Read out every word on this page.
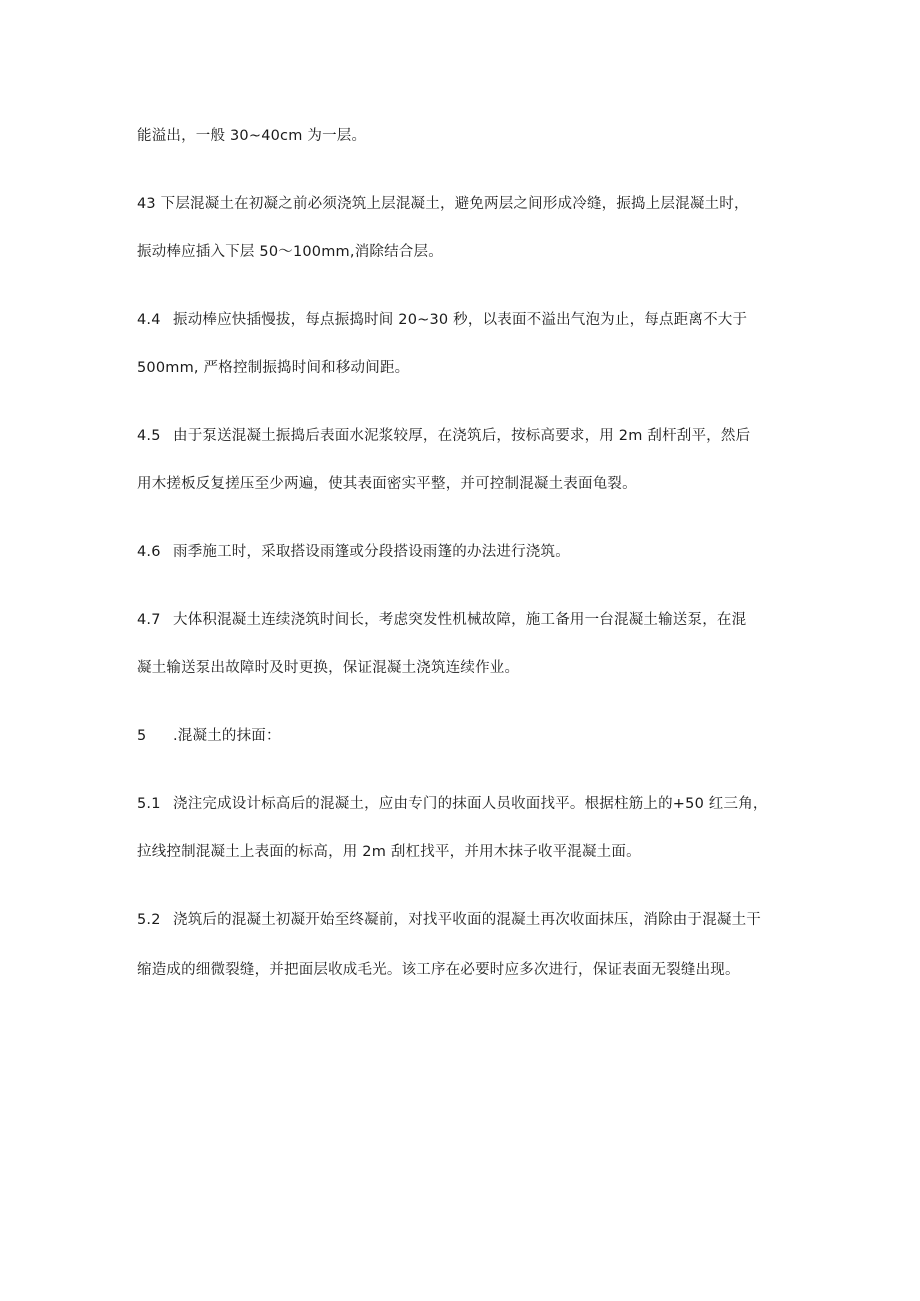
能溢出，一般 30~40cm 为一层。
43 下层混凝土在初凝之前必须浇筑上层混凝土，避免两层之间形成冷缝，振捣上层混凝土时，
振动棒应插入下层 50～100mm,消除结合层。
4.4 振动棒应快插慢拔，每点振捣时间 20~30 秒，以表面不溢出气泡为止，每点距离不大于
500mm, 严格控制振捣时间和移动间距。
4.5 由于泵送混凝土振捣后表面水泥浆较厚，在浇筑后，按标高要求，用 2m 刮杆刮平，然后
用木搓板反复搓压至少两遍，使其表面密实平整，并可控制混凝土表面龟裂。
4.6 雨季施工时，采取搭设雨篷或分段搭设雨篷的办法进行浇筑。
4.7 大体积混凝土连续浇筑时间长，考虑突发性机械故障，施工备用一台混凝土输送泵，在混
凝土输送泵出故障时及时更换，保证混凝土浇筑连续作业。
5 .混凝土的抹面：
5.1 浇注完成设计标高后的混凝土，应由专门的抹面人员收面找平。根据柱筋上的+50 红三角，
拉线控制混凝土上表面的标高，用 2m 刮杠找平，并用木抹子收平混凝土面。
5.2 浇筑后的混凝土初凝开始至终凝前，对找平收面的混凝土再次收面抹压，消除由于混凝土干
缩造成的细微裂缝，并把面层收成毛光。该工序在必要时应多次进行，保证表面无裂缝出现。
